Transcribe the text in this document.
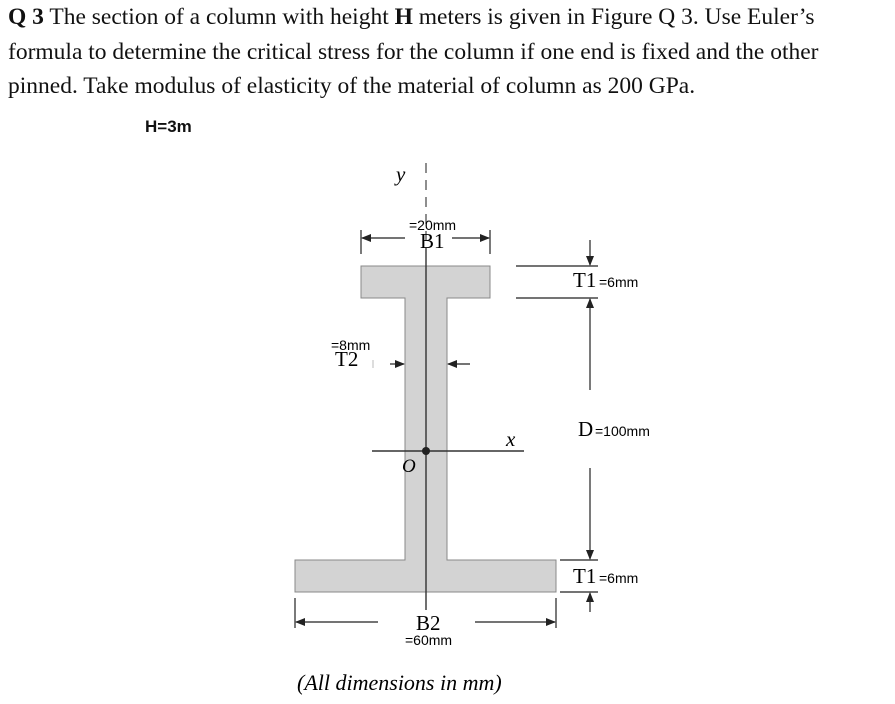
Q 3 The section of a column with height H meters is given in Figure Q 3. Use Euler’s formula to determine the critical stress for the column if one end is fixed and the other pinned. Take modulus of elasticity of the material of column as 200 GPa.
H=3m
y
x
O
=20mm
B1
T1 =6mm
=8mm
T2
D =100mm
T1 =6mm
B2
=60mm
(All dimensions in mm)
